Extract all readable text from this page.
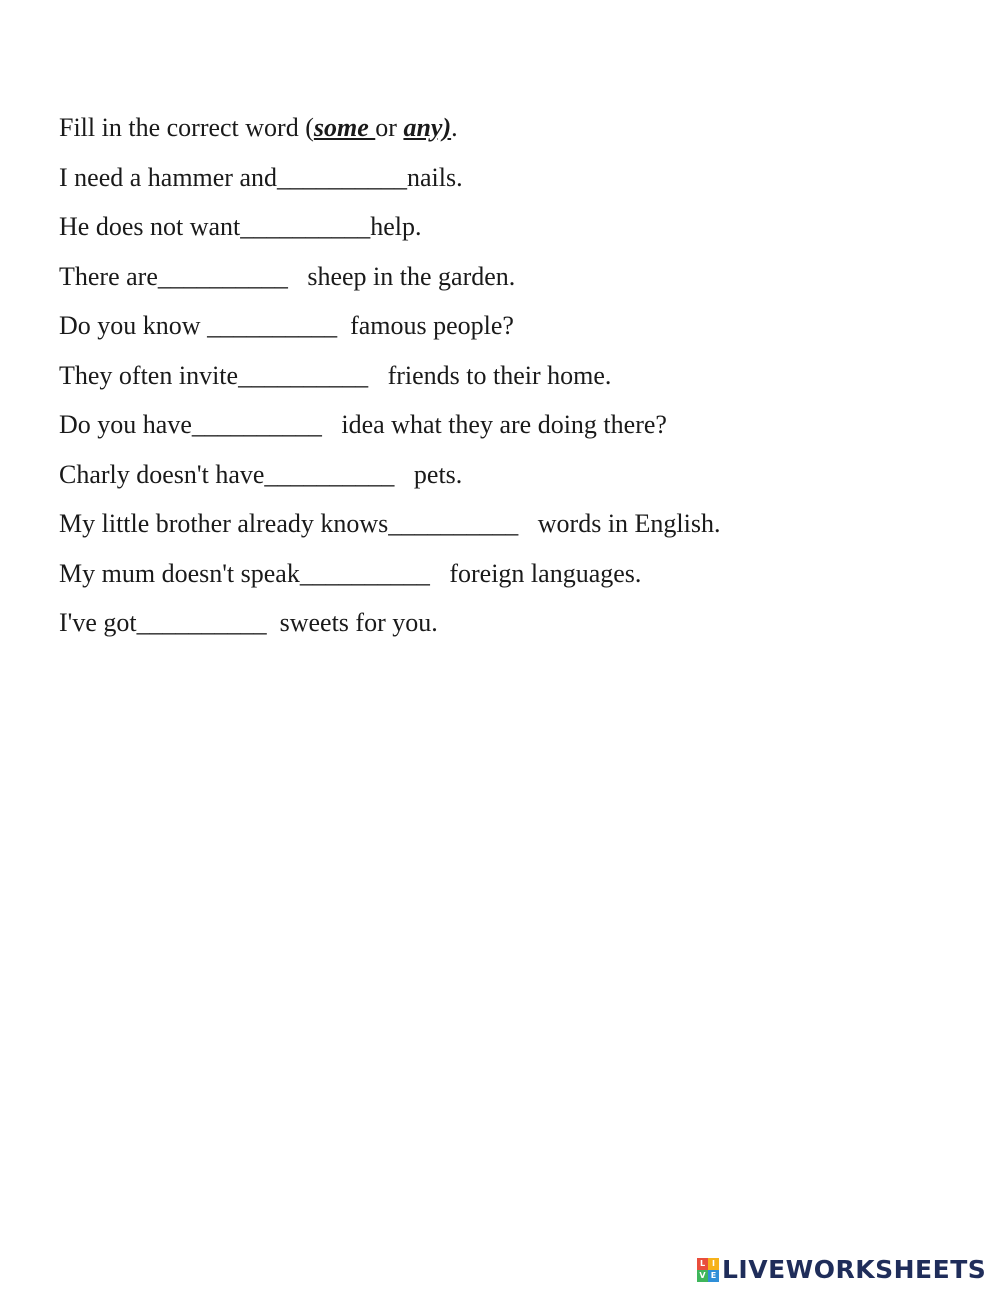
Fill in the correct word (some or any).
I need a hammer and__________nails.
He does not want__________help.
There are__________   sheep in the garden.
Do you know __________  famous people?
They often invite__________   friends to their home.
Do you have__________   idea what they are doing there?
Charly doesn't have__________   pets.
My little brother already knows__________   words in English.
My mum doesn't speak__________   foreign languages.
I've got__________  sweets for you.
L I
V E LIVEWORKSHEETS
